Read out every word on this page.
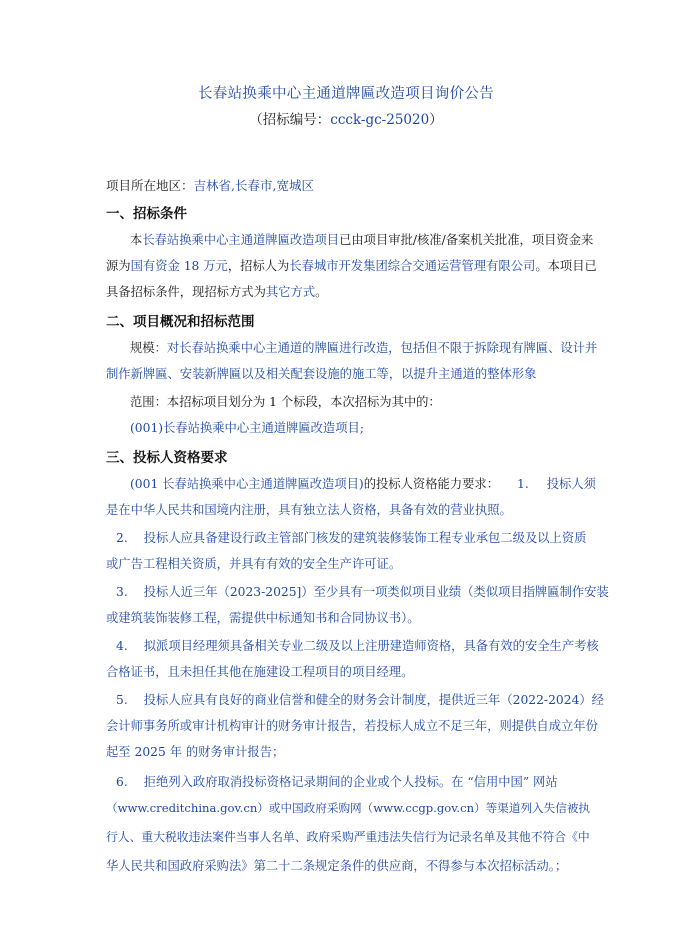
长春站换乘中心主通道牌匾改造项目询价公告
（招标编号：ccck-gc-25020）
项目所在地区：吉林省,长春市,宽城区
一、招标条件
本长春站换乘中心主通道牌匾改造项目已由项目审批/核准/备案机关批准，项目资金来
源为国有资金 18 万元，招标人为长春城市开发集团综合交通运营管理有限公司。本项目已
具备招标条件，现招标方式为其它方式。
二、项目概况和招标范围
规模：对长春站换乘中心主通道的牌匾进行改造，包括但不限于拆除现有牌匾、设计并
制作新牌匾、安装新牌匾以及相关配套设施的施工等，以提升主通道的整体形象
范围：本招标项目划分为 1 个标段，本次招标为其中的：
(001)长春站换乘中心主通道牌匾改造项目;
三、投标人资格要求
(001 长春站换乘中心主通道牌匾改造项目)的投标人资格能力要求： 1. 投标人须
是在中华人民共和国境内注册，具有独立法人资格，具备有效的营业执照。
2. 投标人应具备建设行政主管部门核发的建筑装修装饰工程专业承包二级及以上资质
或广告工程相关资质，并具有有效的安全生产许可证。
3. 投标人近三年（2023-2025]）至少具有一项类似项目业绩（类似项目指牌匾制作安装
或建筑装饰装修工程，需提供中标通知书和合同协议书）。
4. 拟派项目经理须具备相关专业二级及以上注册建造师资格，具备有效的安全生产考核
合格证书，且未担任其他在施建设工程项目的项目经理。
5. 投标人应具有良好的商业信誉和健全的财务会计制度，提供近三年（2022-2024）经
会计师事务所或审计机构审计的财务审计报告，若投标人成立不足三年，则提供自成立年份
起至 2025 年 的财务审计报告；
6. 拒绝列入政府取消投标资格记录期间的企业或个人投标。在 “信用中国” 网站
（www.creditchina.gov.cn）或中国政府采购网（www.ccgp.gov.cn）等渠道列入失信被执
行人、重大税收违法案件当事人名单、政府采购严重违法失信行为记录名单及其他不符合《中
华人民共和国政府采购法》第二十二条规定条件的供应商，不得参与本次招标活动。；
